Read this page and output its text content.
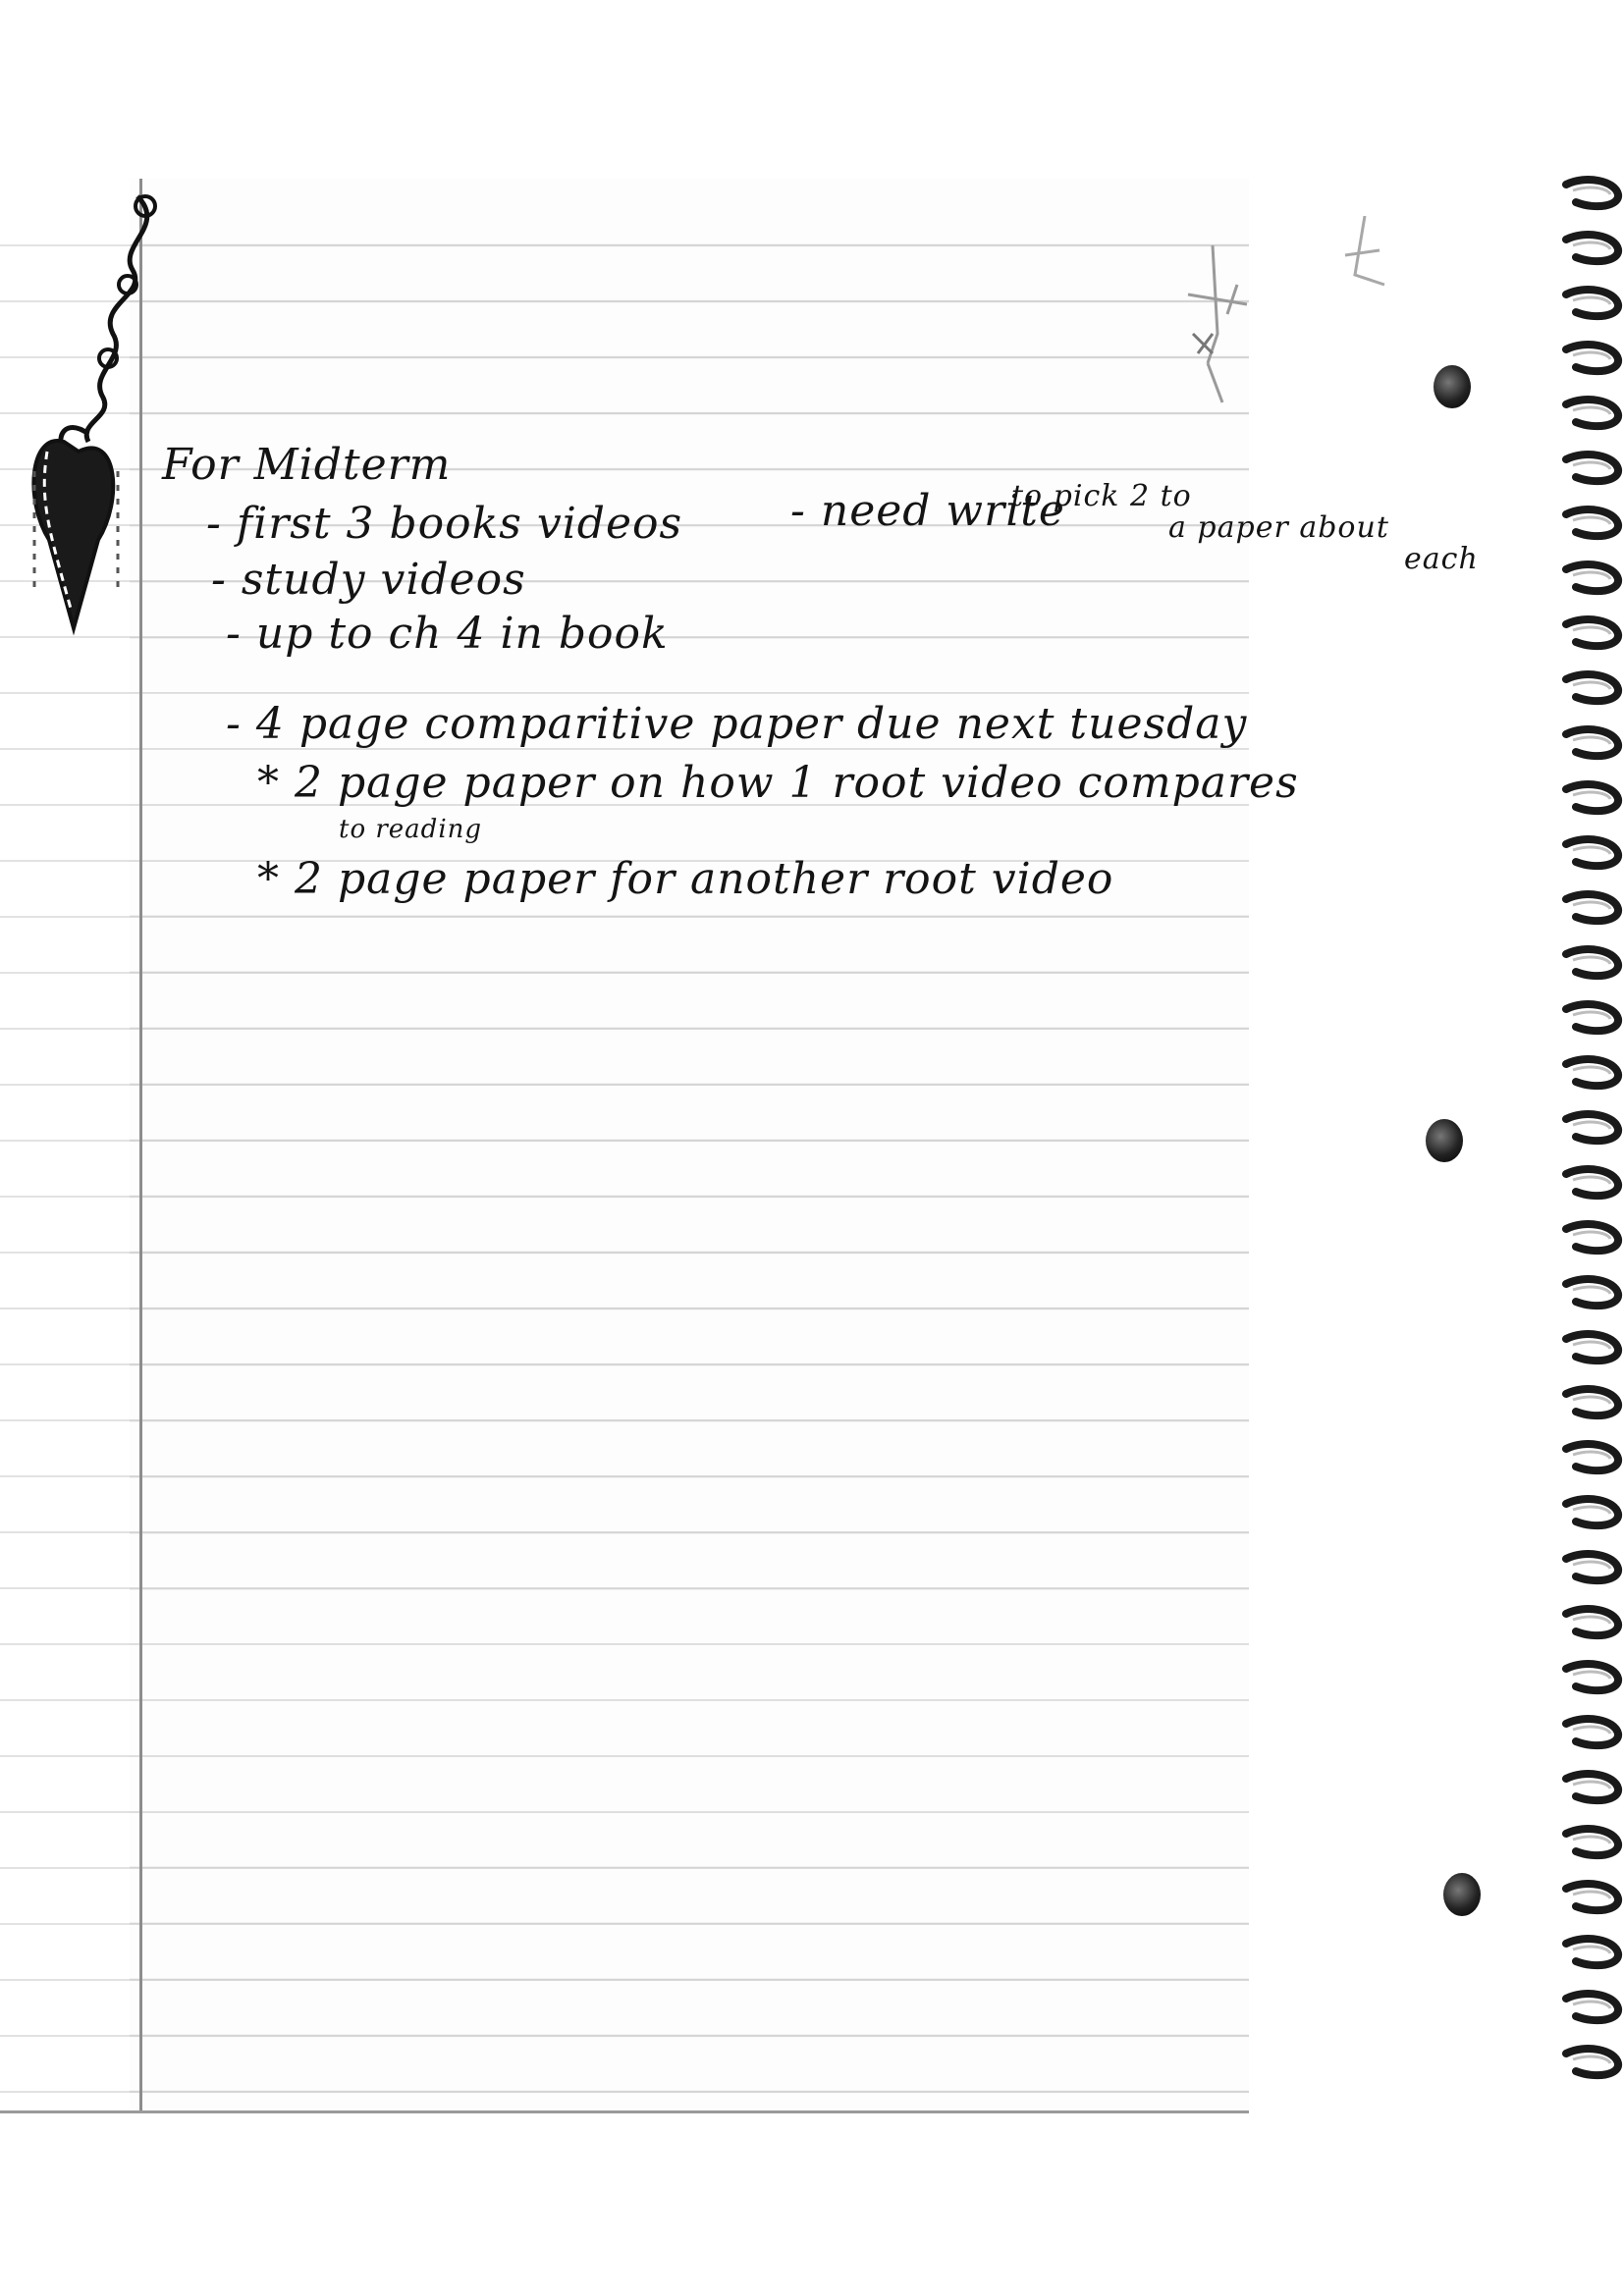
For Midterm
- first 3 books videos - need write
to pick 2 to
a paper about
each
- study videos
- up to ch 4 in book
- 4 page comparitive paper due next tuesday
* 2 page paper on how 1 root video compares
to reading
* 2 page paper for another root video
